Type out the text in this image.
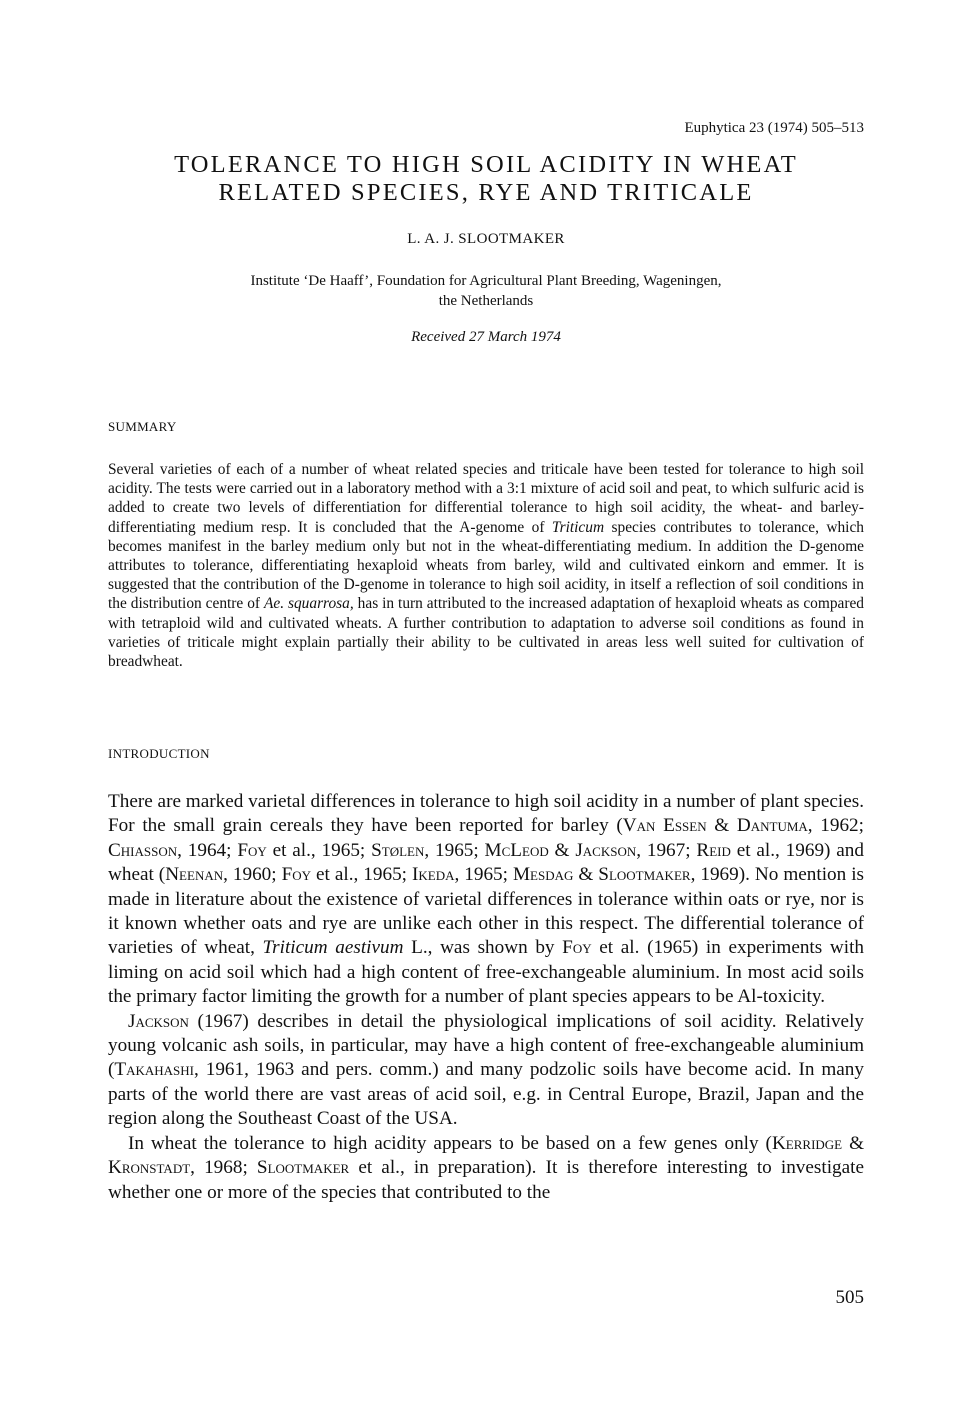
Euphytica 23 (1974) 505–513
TOLERANCE TO HIGH SOIL ACIDITY IN WHEAT
RELATED SPECIES, RYE AND TRITICALE
L. A. J. SLOOTMAKER
Institute ‘De Haaff’, Foundation for Agricultural Plant Breeding, Wageningen,
the Netherlands
Received 27 March 1974
SUMMARY

Several varieties of each of a number of wheat related species and triticale have been tested for tolerance to high soil acidity. The tests were carried out in a laboratory method with a 3:1 mixture of acid soil and peat, to which sulfuric acid is added to create two levels of differentiation for differential tolerance to high soil acidity, the wheat- and barley-differentiating medium resp. It is concluded that the A-genome of Triticum species contributes to tolerance, which becomes manifest in the barley medium only but not in the wheat-differentiating medium. In addition the D-genome attributes to tolerance, differentiating hexaploid wheats from barley, wild and cultivated einkorn and emmer. It is suggested that the contribution of the D-genome in tolerance to high soil acidity, in itself a reflection of soil conditions in the distribution centre of Ae. squarrosa, has in turn attributed to the increased adaptation of hexaploid wheats as compared with tetraploid wild and cultivated wheats. A further contribution to adaptation to adverse soil conditions as found in varieties of triticale might explain partially their ability to be cultivated in areas less well suited for cultivation of breadwheat.

INTRODUCTION

There are marked varietal differences in tolerance to high soil acidity in a number of plant species. For the small grain cereals they have been reported for barley (Van Essen & Dantuma, 1962; Chiasson, 1964; Foy et al., 1965; Stølen, 1965; McLeod & Jackson, 1967; Reid et al., 1969) and wheat (Neenan, 1960; Foy et al., 1965; Ikeda, 1965; Mesdag & Slootmaker, 1969). No mention is made in literature about the existence of varietal differences in tolerance within oats or rye, nor is it known whether oats and rye are unlike each other in this respect. The differential tolerance of varieties of wheat, Triticum aestivum L., was shown by Foy et al. (1965) in experiments with liming on acid soil which had a high content of free-exchangeable aluminium. In most acid soils the primary factor limiting the growth for a number of plant species appears to be Al-toxicity.

Jackson (1967) describes in detail the physiological implications of soil acidity. Relatively young volcanic ash soils, in particular, may have a high content of free-exchangeable aluminium (Takahashi, 1961, 1963 and pers. comm.) and many podzolic soils have become acid. In many parts of the world there are vast areas of acid soil, e.g. in Central Europe, Brazil, Japan and the region along the Southeast Coast of the USA.

In wheat the tolerance to high acidity appears to be based on a few genes only (Kerridge & Kronstadt, 1968; Slootmaker et al., in preparation). It is therefore interesting to investigate whether one or more of the species that contributed to the

505
